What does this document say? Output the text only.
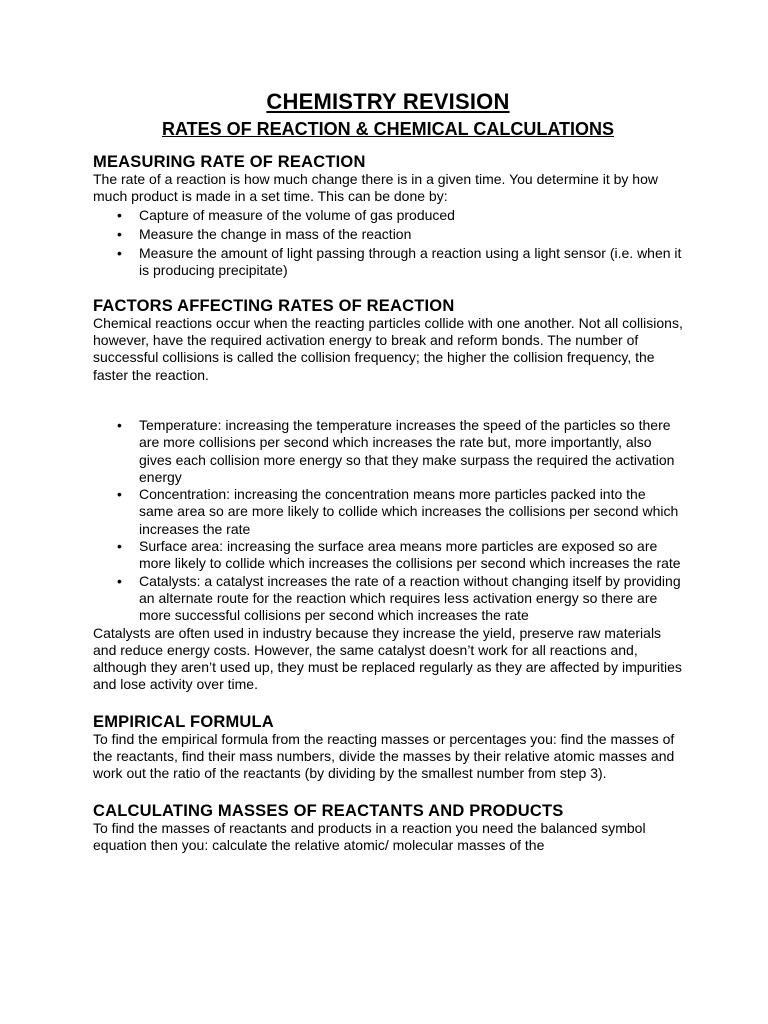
CHEMISTRY REVISION
RATES OF REACTION & CHEMICAL CALCULATIONS
MEASURING RATE OF REACTION

The rate of a reaction is how much change there is in a given time. You determine it by how much product is made in a set time. This can be done by:

• Capture of measure of the volume of gas produced
• Measure the change in mass of the reaction
• Measure the amount of light passing through a reaction using a light sensor (i.e. when it is producing precipitate)
FACTORS AFFECTING RATES OF REACTION

Chemical reactions occur when the reacting particles collide with one another. Not all collisions, however, have the required activation energy to break and reform bonds. The number of successful collisions is called the collision frequency; the higher the collision frequency, the faster the reaction.

• Temperature: increasing the temperature increases the speed of the particles so there are more collisions per second which increases the rate but, more importantly, also gives each collision more energy so that they make surpass the required the activation energy
• Concentration: increasing the concentration means more particles packed into the same area so are more likely to collide which increases the collisions per second which increases the rate
• Surface area: increasing the surface area means more particles are exposed so are more likely to collide which increases the collisions per second which increases the rate
• Catalysts: a catalyst increases the rate of a reaction without changing itself by providing an alternate route for the reaction which requires less activation energy so there are more successful collisions per second which increases the rate

Catalysts are often used in industry because they increase the yield, preserve raw materials and reduce energy costs. However, the same catalyst doesn’t work for all reactions and, although they aren’t used up, they must be replaced regularly as they are affected by impurities and lose activity over time.

EMPIRICAL FORMULA

To find the empirical formula from the reacting masses or percentages you: find the masses of the reactants, find their mass numbers, divide the masses by their relative atomic masses and work out the ratio of the reactants (by dividing by the smallest number from step 3).

CALCULATING MASSES OF REACTANTS AND PRODUCTS

To find the masses of reactants and products in a reaction you need the balanced symbol equation then you: calculate the relative atomic/ molecular masses of the
